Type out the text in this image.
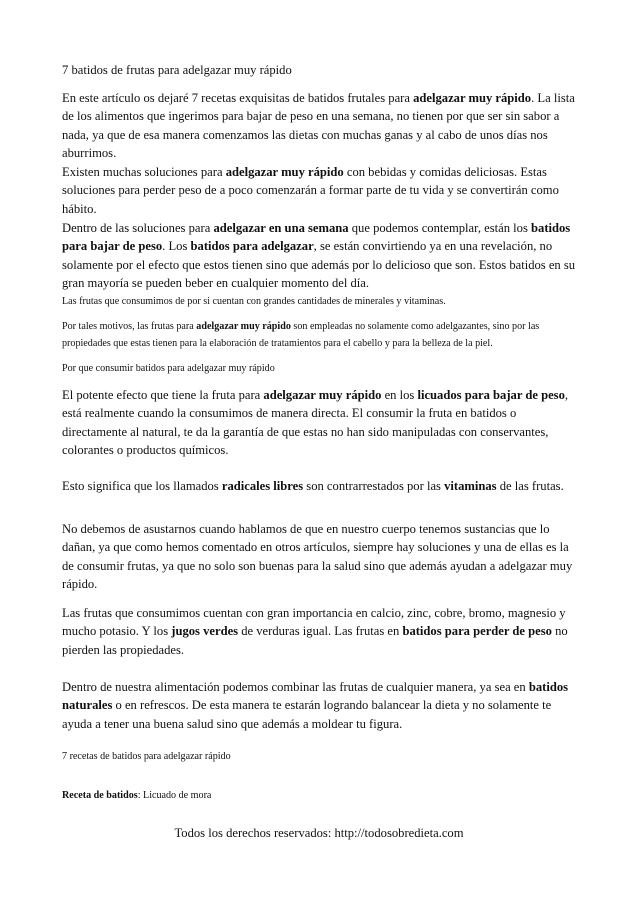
7 batidos de frutas para adelgazar muy rápido

En este artículo os dejaré 7 recetas exquisitas de batidos frutales para adelgazar muy rápido. La lista de los alimentos que ingerimos para bajar de peso en una semana, no tienen por que ser sin sabor a nada, ya que de esa manera comenzamos las dietas con muchas ganas y al cabo de unos días nos aburrimos.

Existen muchas soluciones para adelgazar muy rápido con bebidas y comidas deliciosas. Estas soluciones para perder peso de a poco comenzarán a formar parte de tu vida y se convertirán como hábito.

Dentro de las soluciones para adelgazar en una semana que podemos contemplar, están los batidos para bajar de peso. Los batidos para adelgazar, se están convirtiendo ya en una revelación, no solamente por el efecto que estos tienen sino que además por lo delicioso que son. Estos batidos en su gran mayoría se pueden beber en cualquier momento del día.

Las frutas que consumimos de por si cuentan con grandes cantidades de minerales y vitaminas.

Por tales motivos, las frutas para adelgazar muy rápido son empleadas no solamente como adelgazantes, sino por las propiedades que estas tienen para la elaboración de tratamientos para el cabello y para la belleza de la piel.

Por que consumir batidos para adelgazar muy rápido

El potente efecto que tiene la fruta para adelgazar muy rápido en los licuados para bajar de peso, está realmente cuando la consumimos de manera directa. El consumir la fruta en batidos o directamente al natural, te da la garantía de que estas no han sido manipuladas con conservantes, colorantes o productos químicos.

Esto significa que los llamados radicales libres son contrarrestados por las vitaminas de las frutas.

No debemos de asustarnos cuando hablamos de que en nuestro cuerpo tenemos sustancias que lo dañan, ya que como hemos comentado en otros artículos, siempre hay soluciones y una de ellas es la de consumir frutas, ya que no solo son buenas para la salud sino que además ayudan a adelgazar muy rápido.

Las frutas que consumimos cuentan con gran importancia en calcio, zinc, cobre, bromo, magnesio y mucho potasio. Y los jugos verdes de verduras igual. Las frutas en batidos para perder de peso no pierden las propiedades.

Dentro de nuestra alimentación podemos combinar las frutas de cualquier manera, ya sea en batidos naturales o en refrescos. De esta manera te estarán logrando balancear la dieta y no solamente te ayuda a tener una buena salud sino que además a moldear tu figura.

7 recetas de batidos para adelgazar rápido

Receta de batidos: Licuado de mora

Todos los derechos reservados: http://todosobredieta.com
